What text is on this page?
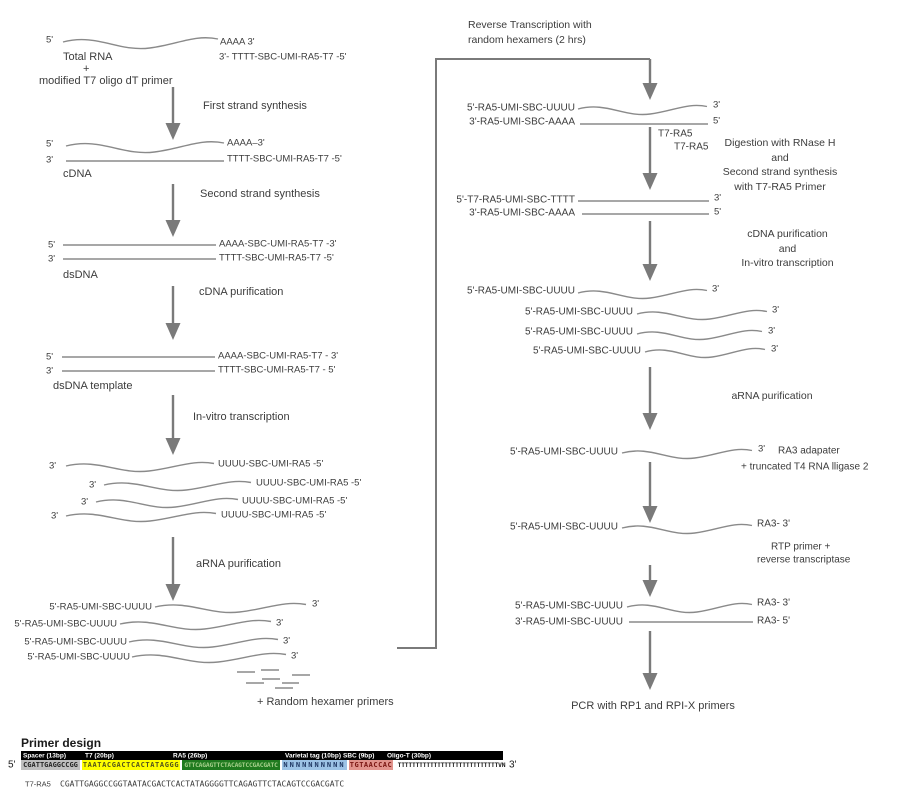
5'	AAAA 3'
Total RNA
+
modified T7 oligo dT primer
3'- TTTT-SBC-UMI-RA5-T7 -5'
First strand synthesis
5'	AAAA–3'
3'	TTTT-SBC-UMI-RA5-T7 -5'
cDNA
Second strand synthesis
5'	AAAA-SBC-UMI-RA5-T7 -3'
3'	TTTT-SBC-UMI-RA5-T7 -5'
dsDNA
cDNA purification
5'	AAAA-SBC-UMI-RA5-T7 - 3'
3'	TTTT-SBC-UMI-RA5-T7 - 5'
dsDNA template
In-vitro transcription
3'	UUUU-SBC-UMI-RA5 -5'
3'	UUUU-SBC-UMI-RA5 -5'
3'	UUUU-SBC-UMI-RA5 -5'
3'	UUUU-SBC-UMI-RA5 -5'
aRNA purification
5'-RA5-UMI-SBC-UUUU	3'
5'-RA5-UMI-SBC-UUUU	3'
5'-RA5-UMI-SBC-UUUU	3'
5'-RA5-UMI-SBC-UUUU	3'
+ Random hexamer primers
Reverse Transcription with
random hexamers (2 hrs)
5'-RA5-UMI-SBC-UUUU	3'
3'-RA5-UMI-SBC-AAAA	5'
T7-RA5
T7-RA5	Digestion with RNase H
and
Second strand synthesis
with T7-RA5 Primer
5'-T7-RA5-UMI-SBC-TTTT	3'
3'-RA5-UMI-SBC-AAAA	5'
cDNA purification
and
In-vitro transcription
5'-RA5-UMI-SBC-UUUU	3'
5'-RA5-UMI-SBC-UUUU	3'
5'-RA5-UMI-SBC-UUUU	3'
5'-RA5-UMI-SBC-UUUU	3'
aRNA purification
5'-RA5-UMI-SBC-UUUU	3' RA3 adapater
+ truncated T4 RNA lligase 2
5'-RA5-UMI-SBC-UUUU	RA3- 3'
RTP primer +
reverse transcriptase
5'-RA5-UMI-SBC-UUUU	RA3- 3'
3'-RA5-UMI-SBC-UUUU	RA3- 5'
PCR with RP1 and RPI-X primers
Primer design
Spacer (13bp)	T7 (20bp)	RA5 (26bp)	Varietal tag (10bp) SBC (9bp) Oligo-T (30bp)
5'	3'
CGATTGAGGCCGG TAATACGACTCACTATAGGG GTTCAGAGTTCTACAGTCCGACGATC NNNNNNNNNN TGTAACCAC TTTTTTTTTTTTTTTTTTTTTTTTTTTTVN
T7-RA5 CGATTGAGGCCGGTAATACGACTCACTATAGGGGTTCAGAGTTCTACAGTCCGACGATC
